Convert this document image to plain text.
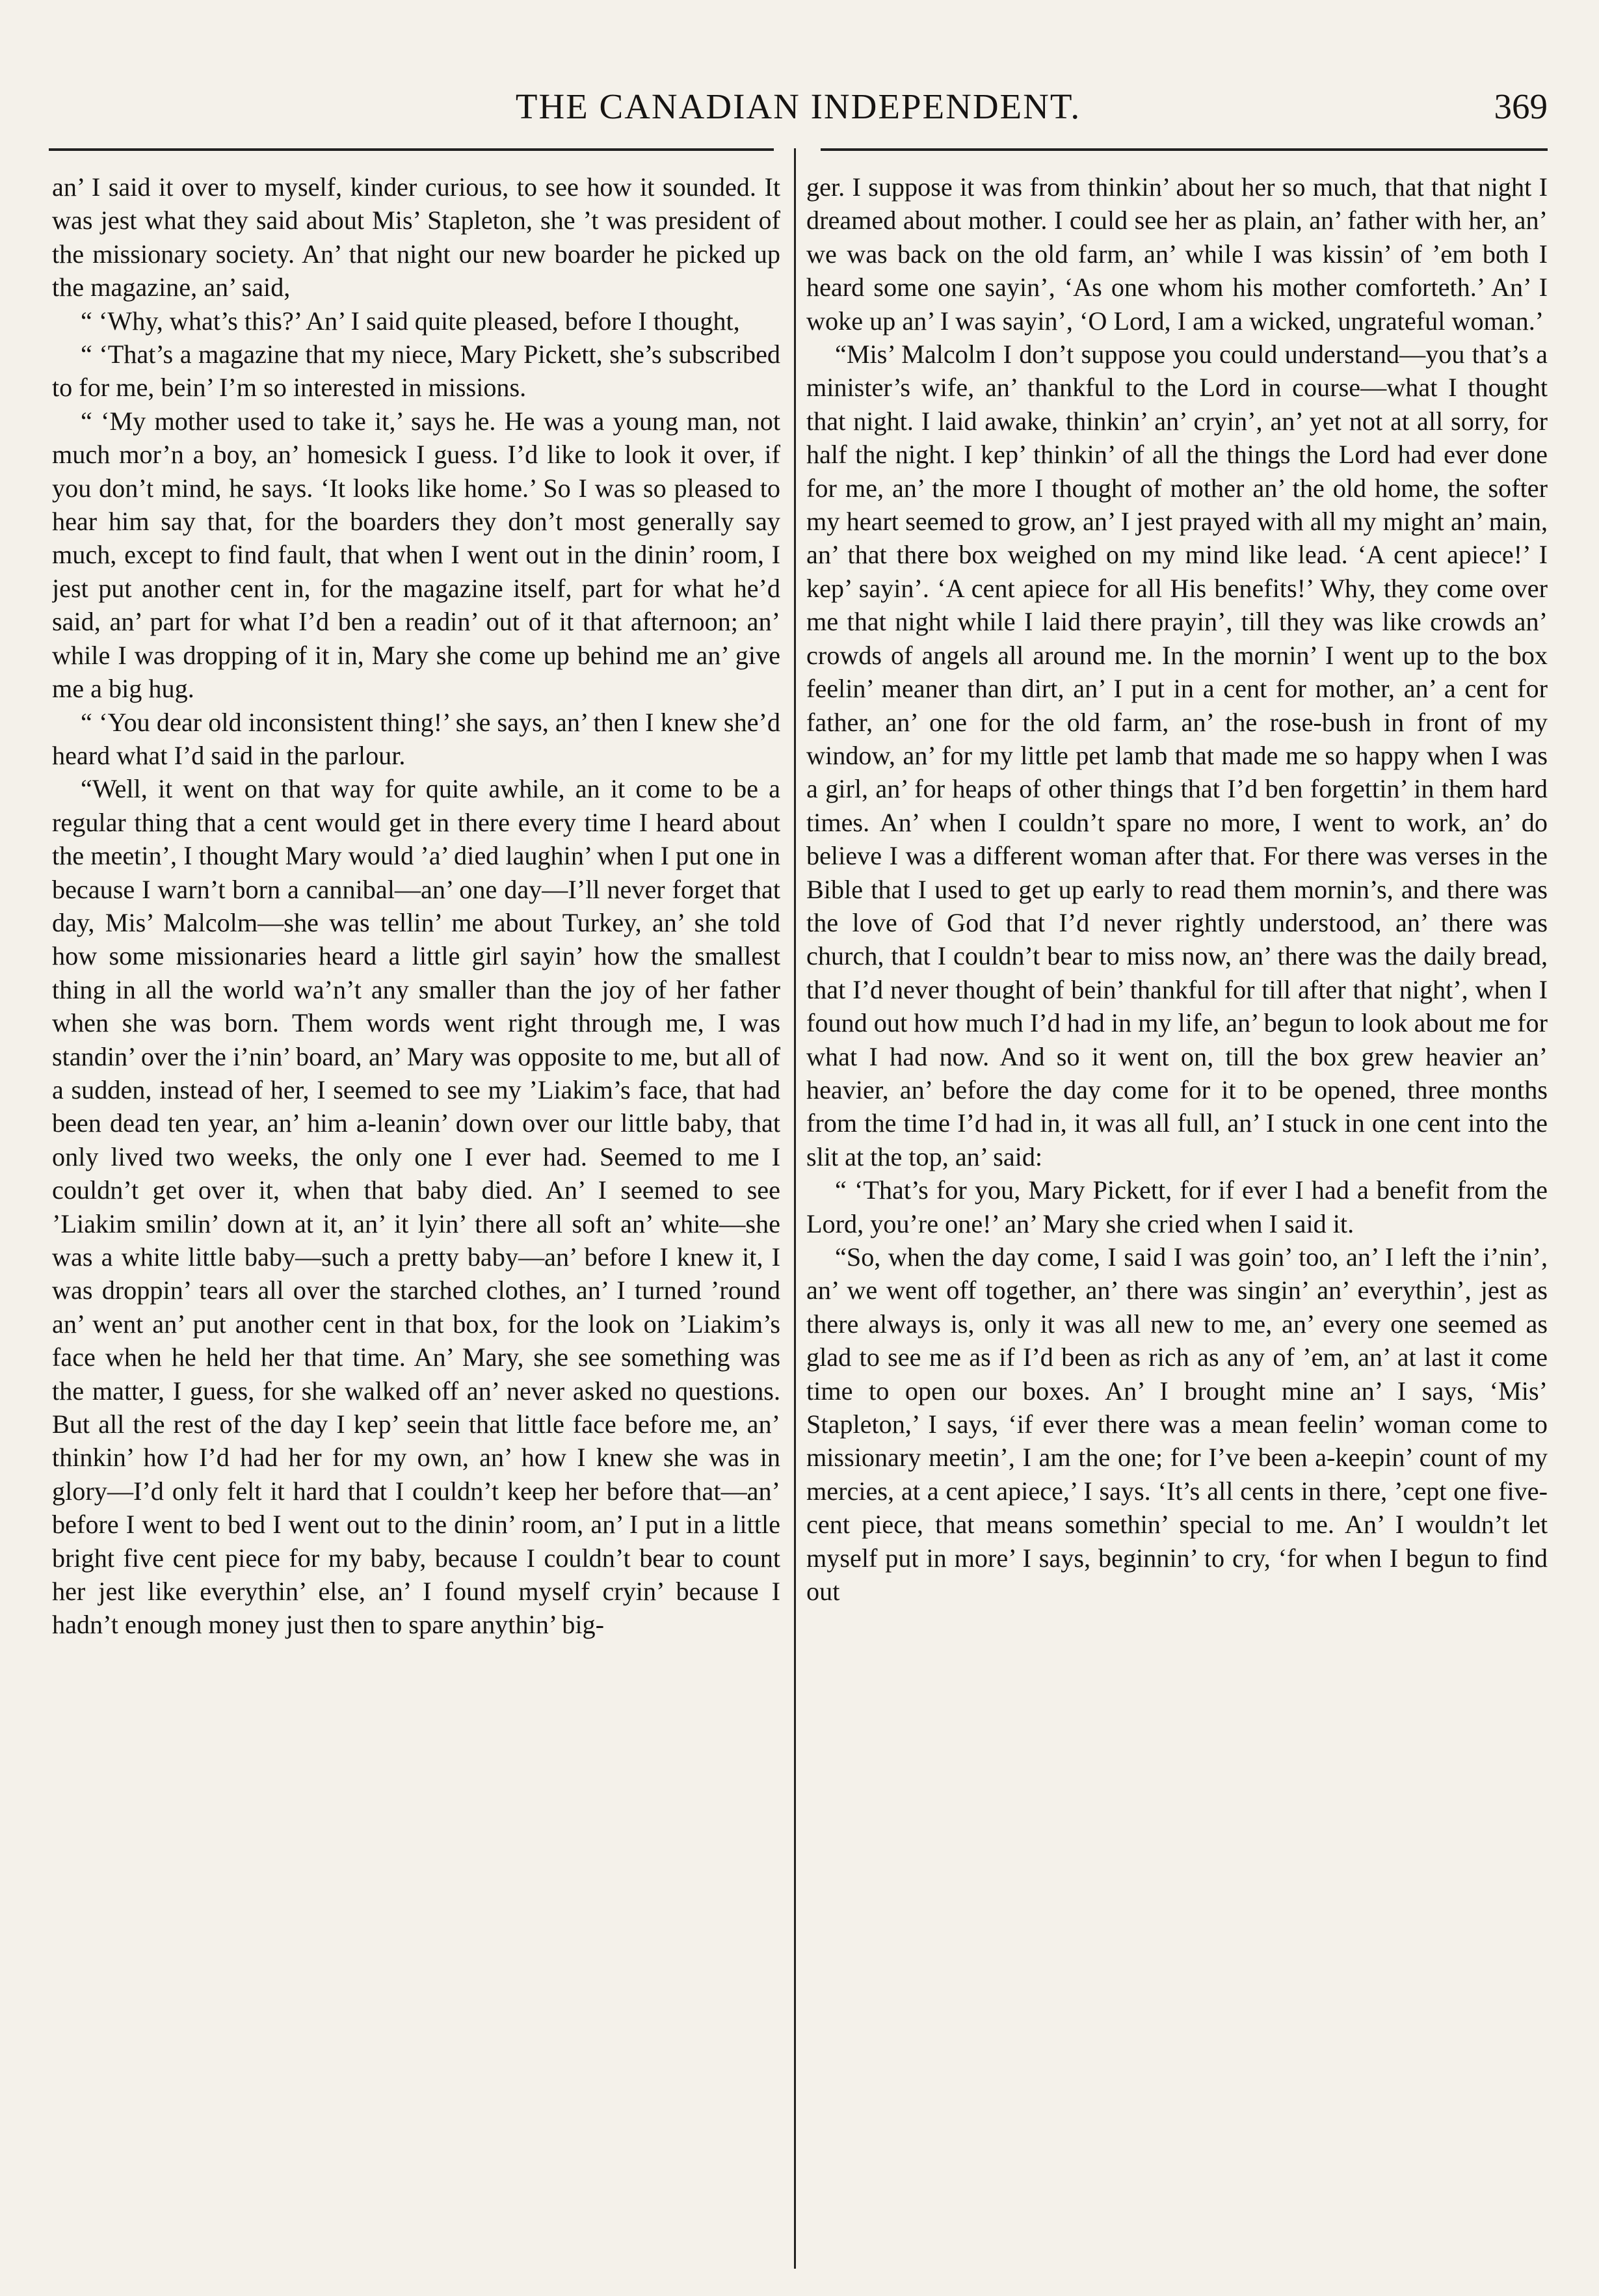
THE CANADIAN INDEPENDENT.	369

an’ I said it over to myself, kinder curious, to see how it sounded. It was jest what they said about Mis’ Stapleton, she ’t was president of the missionary society. An’ that night our new boarder he picked up the magazine, an’ said,

“ ‘Why, what’s this?’ An’ I said quite pleased, before I thought,

“ ‘That’s a magazine that my niece, Mary Pickett, she’s subscribed to for me, bein’ I’m so interested in missions.

“ ‘My mother used to take it,’ says he. He was a young man, not much mor’n a boy, an’ homesick I guess. I’d like to look it over, if you don’t mind, he says. ‘It looks like home.’ So I was so pleased to hear him say that, for the boarders they don’t most generally say much, except to find fault, that when I went out in the dinin’ room, I jest put another cent in, for the magazine itself, part for what he’d said, an’ part for what I’d ben a readin’ out of it that afternoon; an’ while I was dropping of it in, Mary she come up behind me an’ give me a big hug.

“ ‘You dear old inconsistent thing!’ she says, an’ then I knew she’d heard what I’d said in the parlour.

“Well, it went on that way for quite awhile, an it come to be a regular thing that a cent would get in there every time I heard about the meetin’, I thought Mary would ’a’ died laughin’ when I put one in because I warn’t born a cannibal—an’ one day—I’ll never forget that day, Mis’ Malcolm—she was tellin’ me about Turkey, an’ she told how some missionaries heard a little girl sayin’ how the smallest thing in all the world wa’n’t any smaller than the joy of her father when she was born. Them words went right through me, I was standin’ over the i’nin’ board, an’ Mary was opposite to me, but all of a sudden, instead of her, I seemed to see my ’Liakim’s face, that had been dead ten year, an’ him a-leanin’ down over our little baby, that only lived two weeks, the only one I ever had. Seemed to me I couldn’t get over it, when that baby died. An’ I seemed to see ’Liakim smilin’ down at it, an’ it lyin’ there all soft an’ white—she was a white little baby—such a pretty baby—an’ before I knew it, I was droppin’ tears all over the starched clothes, an’ I turned ’round an’ went an’ put another cent in that box, for the look on ’Liakim’s face when he held her that time. An’ Mary, she see something was the matter, I guess, for she walked off an’ never asked no questions. But all the rest of the day I kep’ seein that little face before me, an’ thinkin’ how I’d had her for my own, an’ how I knew she was in glory—I’d only felt it hard that I couldn’t keep her before that—an’ before I went to bed I went out to the dinin’ room, an’ I put in a little bright five cent piece for my baby, because I couldn’t bear to count her jest like everythin’ else, an’ I found myself cryin’ because I hadn’t enough money just then to spare anythin’ big-

ger. I suppose it was from thinkin’ about her so much, that that night I dreamed about mother. I could see her as plain, an’ father with her, an’ we was back on the old farm, an’ while I was kissin’ of ’em both I heard some one sayin’, ‘As one whom his mother comforteth.’ An’ I woke up an’ I was sayin’, ‘O Lord, I am a wicked, ungrateful woman.’

“Mis’ Malcolm I don’t suppose you could understand—you that’s a minister’s wife, an’ thankful to the Lord in course—what I thought that night. I laid awake, thinkin’ an’ cryin’, an’ yet not at all sorry, for half the night. I kep’ thinkin’ of all the things the Lord had ever done for me, an’ the more I thought of mother an’ the old home, the softer my heart seemed to grow, an’ I jest prayed with all my might an’ main, an’ that there box weighed on my mind like lead. ‘A cent apiece!’ I kep’ sayin’. ‘A cent apiece for all His benefits!’ Why, they come over me that night while I laid there prayin’, till they was like crowds an’ crowds of angels all around me. In the mornin’ I went up to the box feelin’ meaner than dirt, an’ I put in a cent for mother, an’ a cent for father, an’ one for the old farm, an’ the rose-bush in front of my window, an’ for my little pet lamb that made me so happy when I was a girl, an’ for heaps of other things that I’d ben forgettin’ in them hard times. An’ when I couldn’t spare no more, I went to work, an’ do believe I was a different woman after that. For there was verses in the Bible that I used to get up early to read them mornin’s, and there was the love of God that I’d never rightly understood, an’ there was church, that I couldn’t bear to miss now, an’ there was the daily bread, that I’d never thought of bein’ thankful for till after that night’, when I found out how much I’d had in my life, an’ begun to look about me for what I had now. And so it went on, till the box grew heavier an’ heavier, an’ before the day come for it to be opened, three months from the time I’d had in, it was all full, an’ I stuck in one cent into the slit at the top, an’ said:

“ ‘That’s for you, Mary Pickett, for if ever I had a benefit from the Lord, you’re one!’ an’ Mary she cried when I said it.

“So, when the day come, I said I was goin’ too, an’ I left the i’nin’, an’ we went off together, an’ there was singin’ an’ everythin’, jest as there always is, only it was all new to me, an’ every one seemed as glad to see me as if I’d been as rich as any of ’em, an’ at last it come time to open our boxes. An’ I brought mine an’ I says, ‘Mis’ Stapleton,’ I says, ‘if ever there was a mean feelin’ woman come to missionary meetin’, I am the one; for I’ve been a-keepin’ count of my mercies, at a cent apiece,’ I says. ‘It’s all cents in there, ’cept one five-cent piece, that means somethin’ special to me. An’ I wouldn’t let myself put in more’ I says, beginnin’ to cry, ‘for when I begun to find out
